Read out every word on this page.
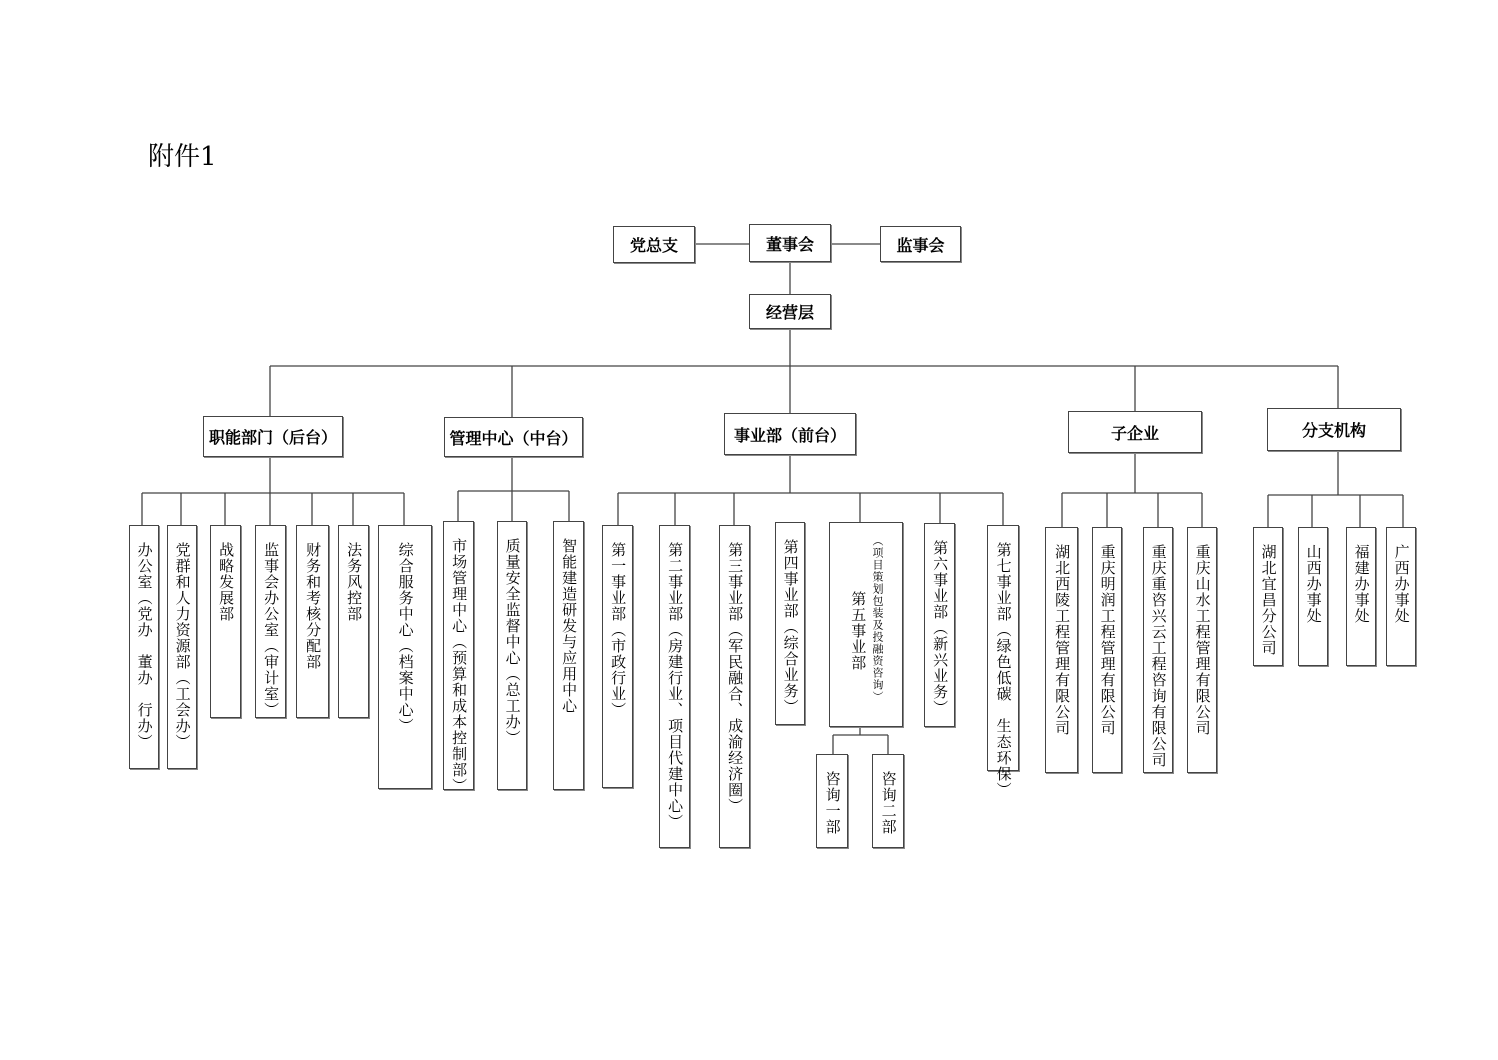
附件1
党总支	董事会	监事会
经营层
职能部门（后台）	管理中心（中台）	事业部（前台）	子企业	分支机构
办公室（党办　董办　行办） 党群和人力资源部（工会办） 战略发展部 监事会办公室（审计室） 财务和考核分配部 法务风控部 综合服务中心（档案中心） 市场管理中心（预算和成本控制部） 质量安全监督中心（总工办）	智能建造研发与应用中心 第一事业部（市政行业）	第二事业部（房建行业、项目代建中心）	第三事业部（军民融合、成渝经济圈）	第四事业部（综合业务）	（项目策划包装及投融资咨询）
第五事业部	第六事业部（新兴业务）	第七事业部（绿色低碳　生态环保）
咨询一部	咨询二部
湖北西陵工程管理有限公司 重庆明润工程管理有限公司 重庆重咨兴云工程咨询有限公司 重庆山水工程管理有限公司	湖北宜昌分公司 山西办事处 福建办事处 广西办事处
